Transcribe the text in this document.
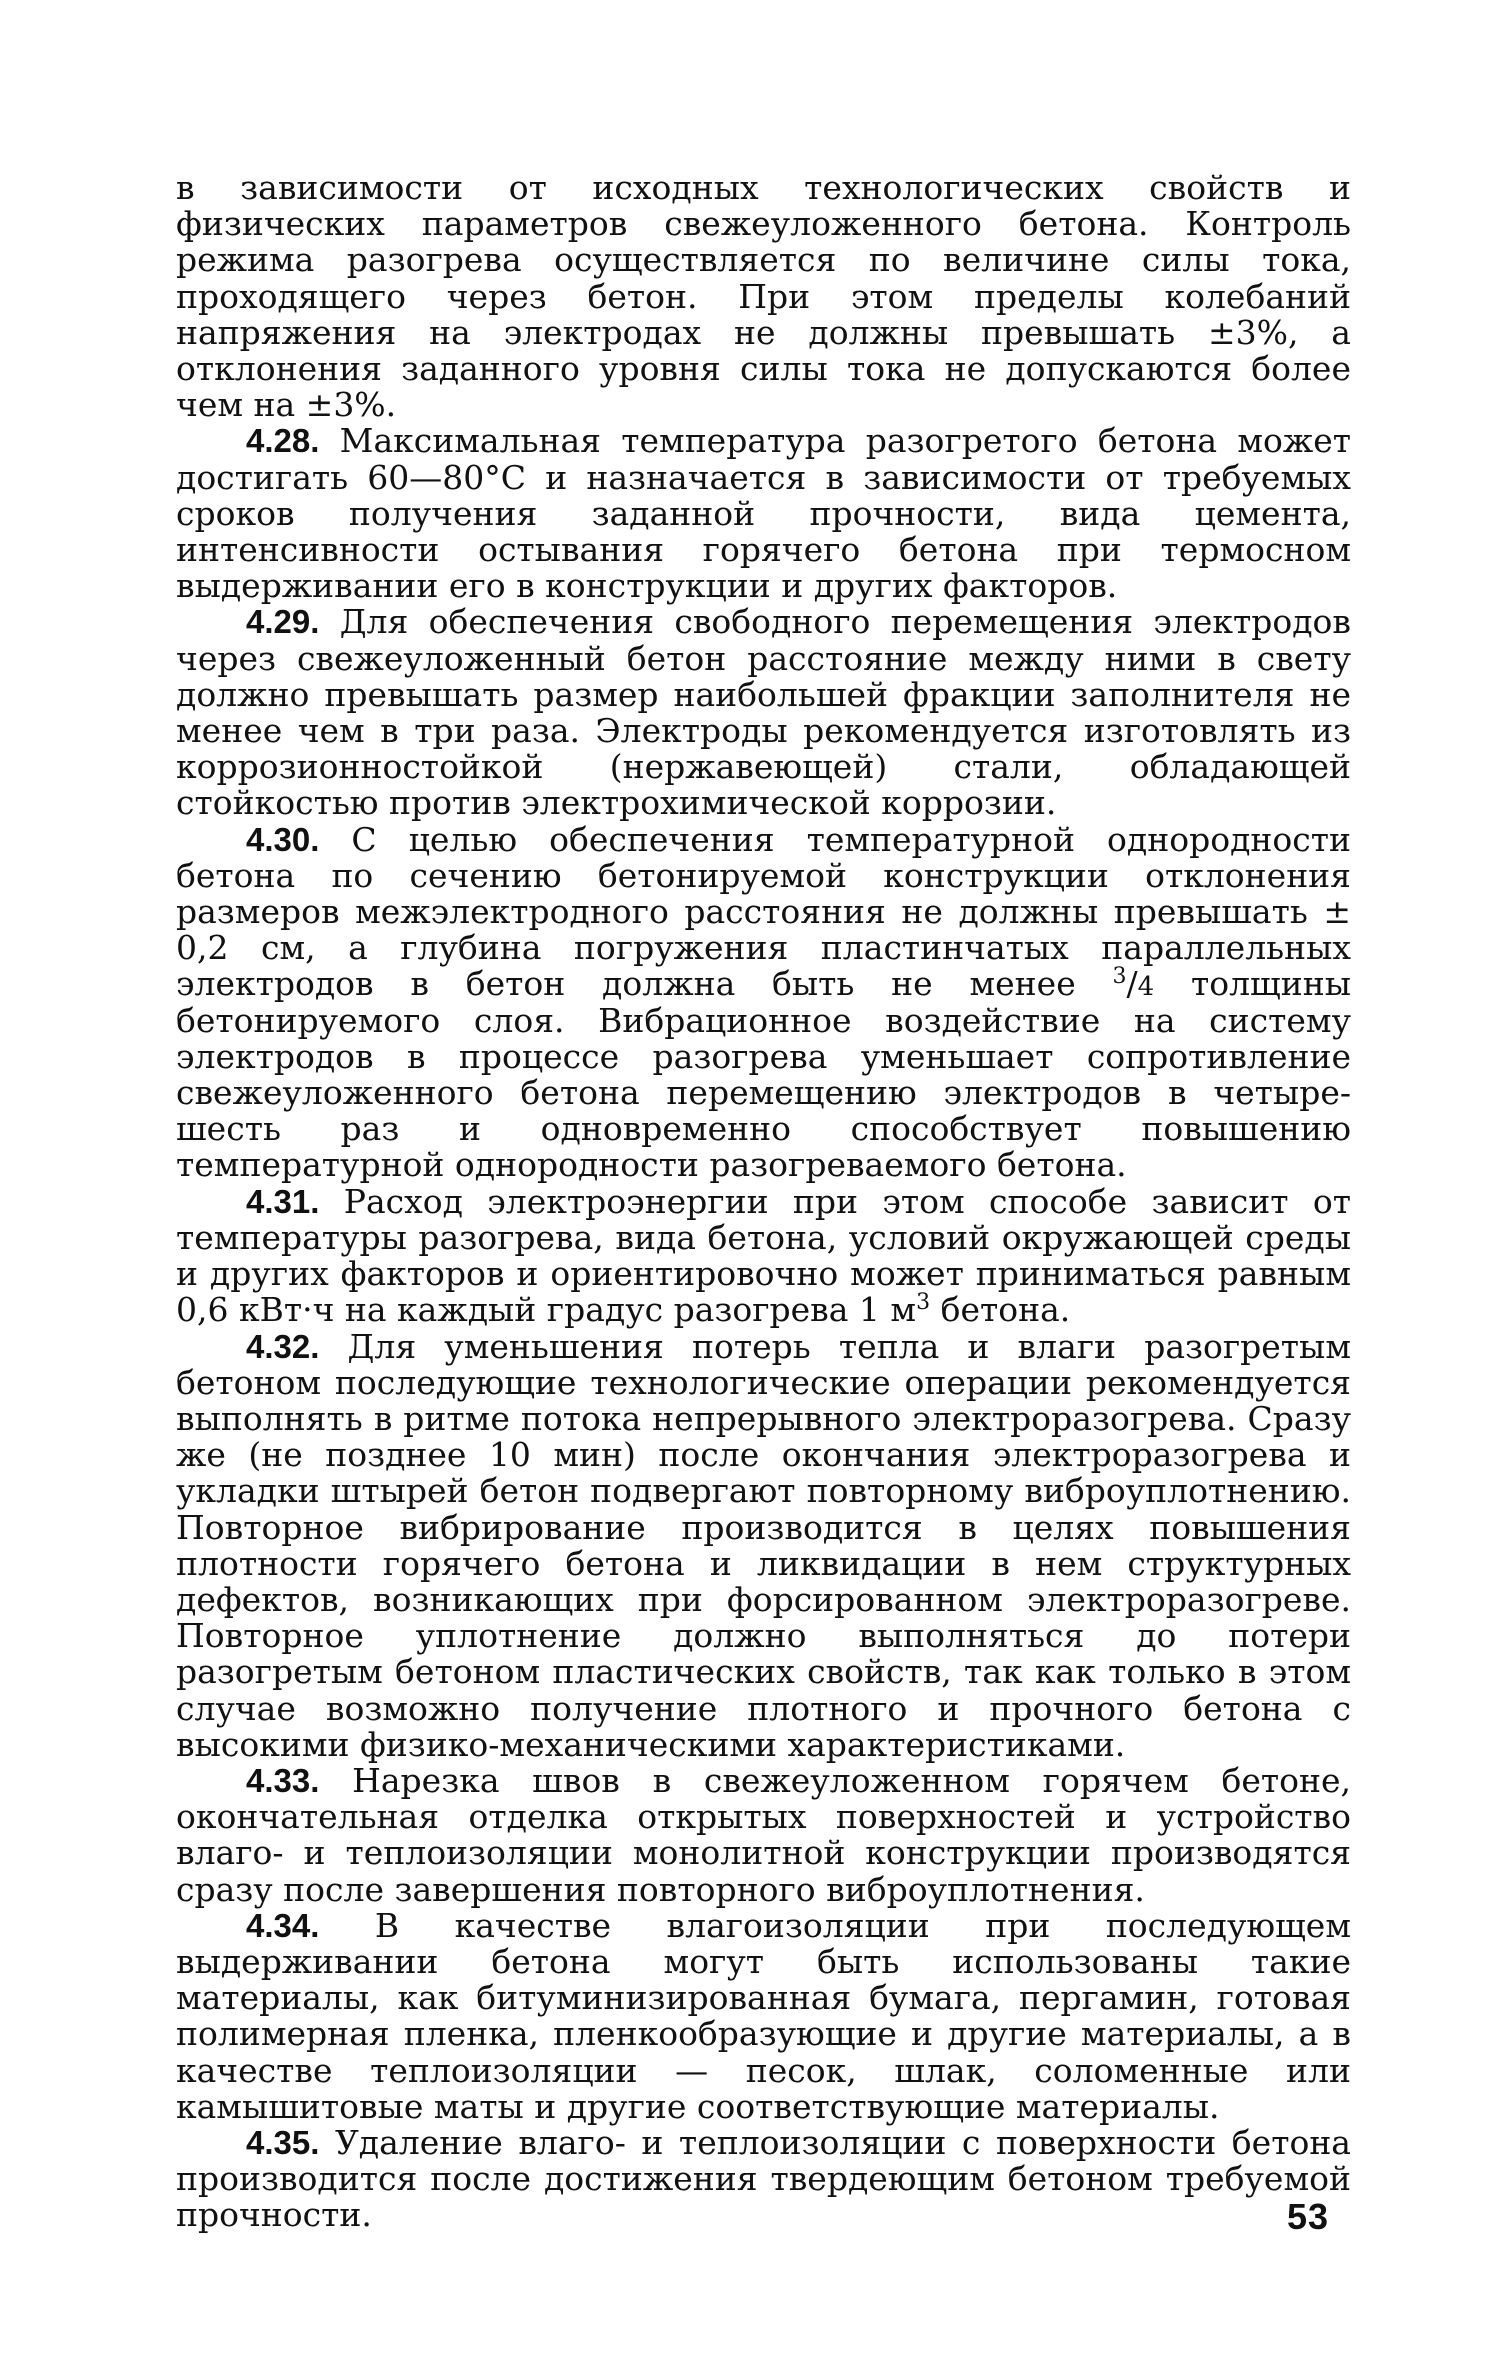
в зависимости от исходных технологических свойств и физических параметров свежеуложенного бетона. Контроль режима разогрева осуществляется по величине силы тока, проходящего через бетон. При этом пределы колебаний напряжения на электродах не должны превышать ±3%, а отклонения заданного уровня силы тока не допускаются более чем на ±3%.

4.28. Максимальная температура разогретого бетона может достигать 60—80°С и назначается в зависимости от требуемых сроков получения заданной прочности, вида цемента, интенсивности остывания горячего бетона при термосном выдерживании его в конструкции и других факторов.

4.29. Для обеспечения свободного перемещения электродов через свежеуложенный бетон расстояние между ними в свету должно превышать размер наибольшей фракции заполнителя не менее чем в три раза. Электроды рекомендуется изготовлять из коррозионностойкой (нержавеющей) стали, обладающей стойкостью против электрохимической коррозии.

4.30. С целью обеспечения температурной однородности бетона по сечению бетонируемой конструкции отклонения размеров межэлектродного расстояния не должны превышать ± 0,2 см, а глубина погружения пластинчатых параллельных электродов в бетон должна быть не менее $^3$/4 толщины бетонируемого слоя. Вибрационное воздействие на систему электродов в процессе разогрева уменьшает сопротивление свежеуложенного бетона перемещению электродов в четыре-шесть раз и одновременно способствует повышению температурной однородности разогреваемого бетона.

4.31. Расход электроэнергии при этом способе зависит от температуры разогрева, вида бетона, условий окружающей среды и других факторов и ориентировочно может приниматься равным 0,6 кВт·ч на каждый градус разогрева 1 $м^3$ бетона.

4.32. Для уменьшения потерь тепла и влаги разогретым бетоном последующие технологические операции рекомендуется выполнять в ритме потока непрерывного электроразогрева. Сразу же (не позднее 10 мин) после окончания электроразогрева и укладки штырей бетон подвергают повторному виброуплотнению. Повторное вибрирование производится в целях повышения плотности горячего бетона и ликвидации в нем структурных дефектов, возникающих при форсированном электроразогреве. Повторное уплотнение должно выполняться до потери разогретым бетоном пластических свойств, так как только в этом случае возможно получение плотного и прочного бетона с высокими физико-механическими характеристиками.

4.33. Нарезка швов в свежеуложенном горячем бетоне, окончательная отделка открытых поверхностей и устройство влаго- и теплоизоляции монолитной конструкции производятся сразу после завершения повторного виброуплотнения.

4.34. В качестве влагоизоляции при последующем выдерживании бетона могут быть использованы такие материалы, как битуминизированная бумага, пергамин, готовая полимерная пленка, пленкообразующие и другие материалы, а в качестве теплоизоляции — песок, шлак, соломенные или камышитовые маты и другие соответствующие материалы.

4.35. Удаление влаго- и теплоизоляции с поверхности бетона производится после достижения твердеющим бетоном требуемой прочности.	53
